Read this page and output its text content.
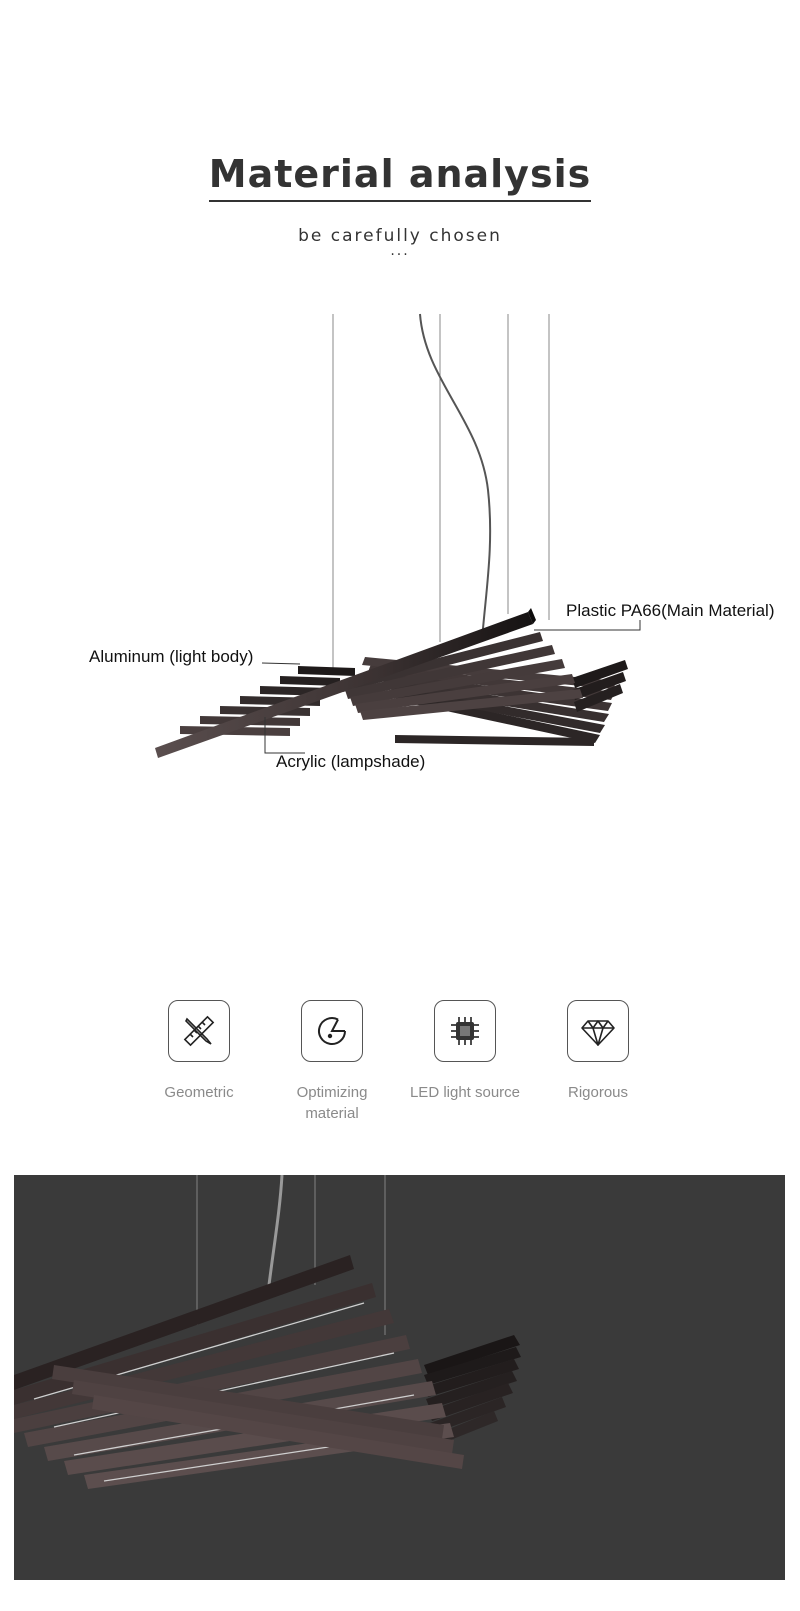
Material analysis
be carefully chosen
...
Plastic PA66(Main Material)
Aluminum (light body)
Acrylic (lampshade)
Geometric	Optimizing
material
LED light source	Rigorous
